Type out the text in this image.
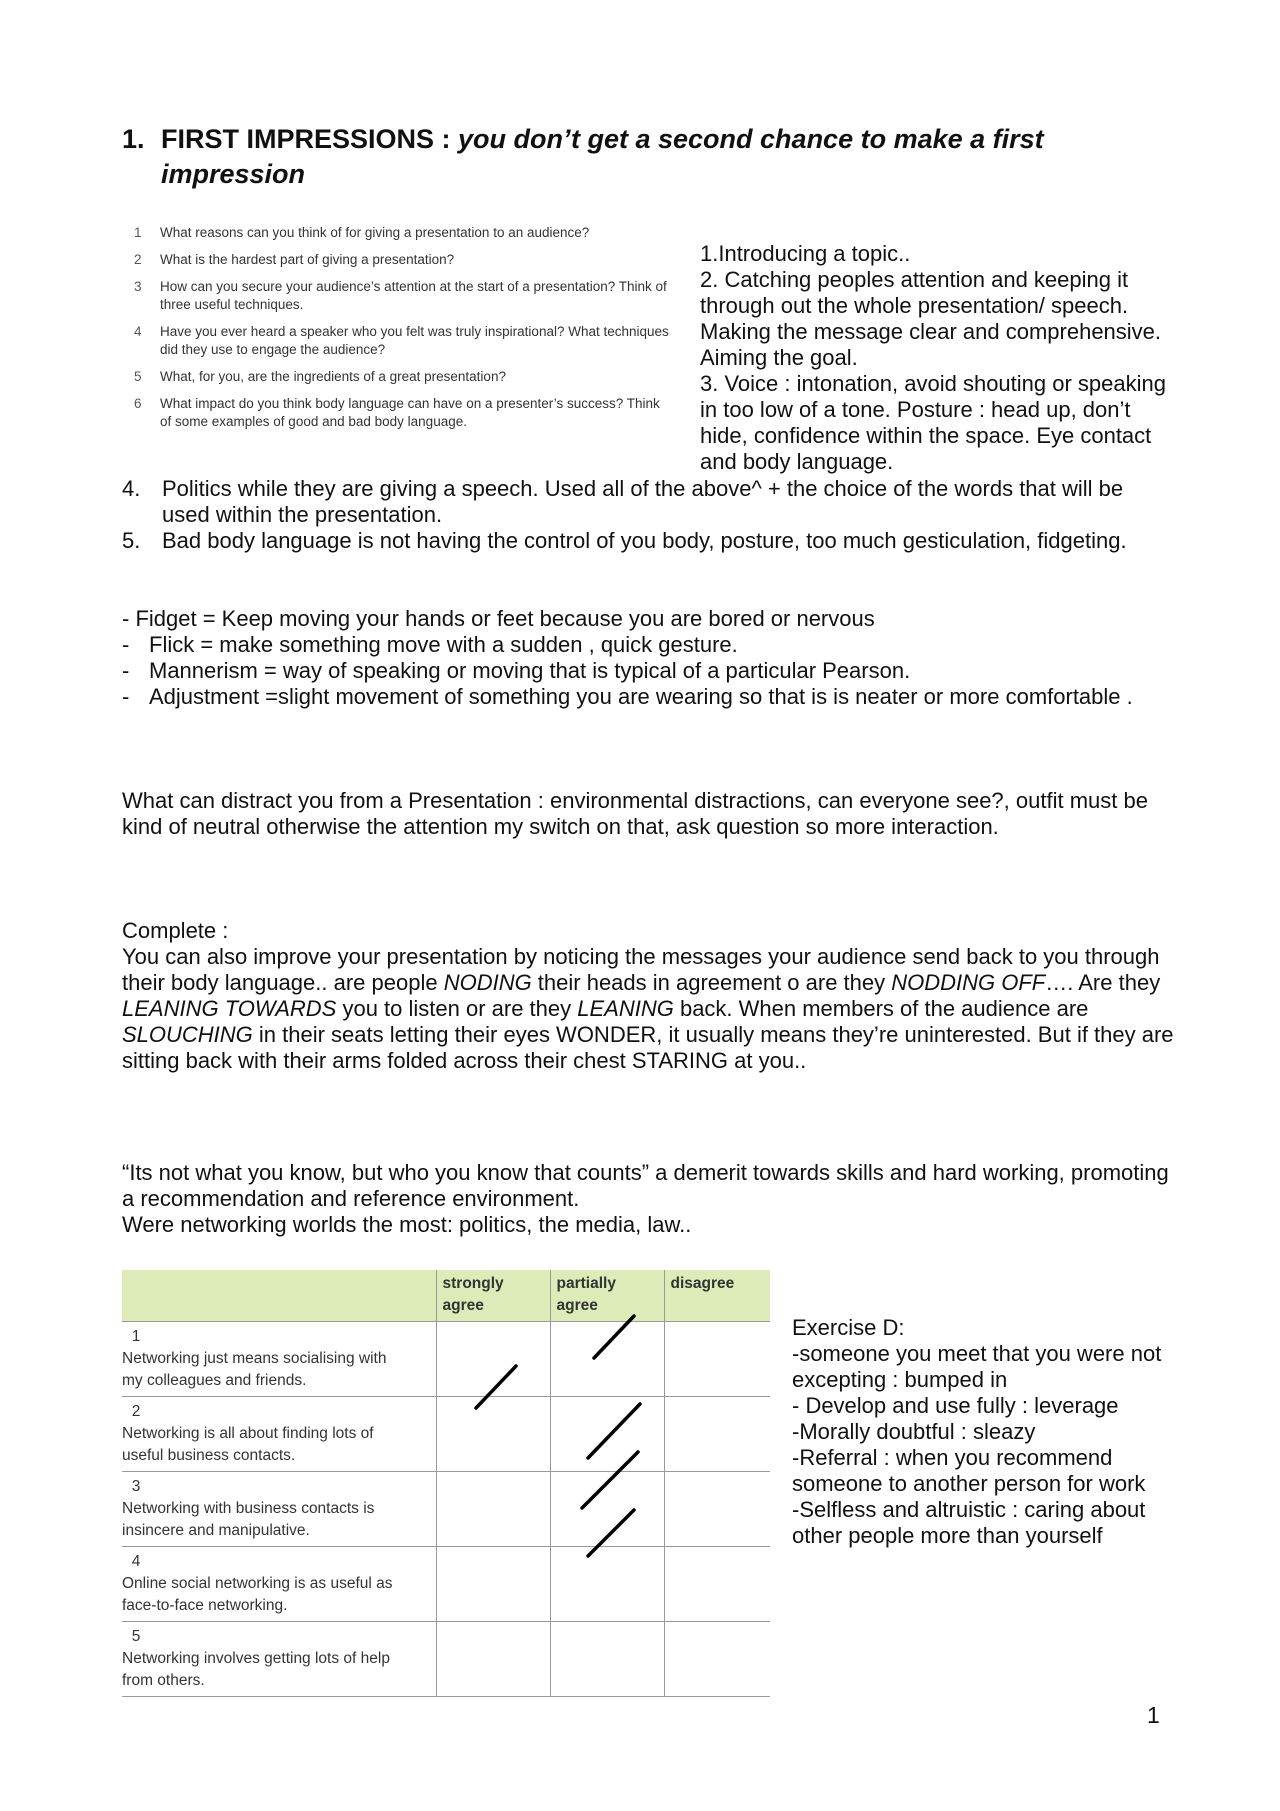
1. FIRST IMPRESSIONS : you don’t get a second chance to make a first impression
1 What reasons can you think of for giving a presentation to an audience?
2 What is the hardest part of giving a presentation?
3 How can you secure your audience’s attention at the start of a presentation? Think of three useful techniques.
4 Have you ever heard a speaker who you felt was truly inspirational? What techniques did they use to engage the audience?
5 What, for you, are the ingredients of a great presentation?
6 What impact do you think body language can have on a presenter’s success? Think of some examples of good and bad body language.

1.Introducing a topic..

2. Catching peoples attention and keeping it through out the whole presentation/ speech. Making the message clear and comprehensive. Aiming the goal.

3. Voice : intonation, avoid shouting or speaking in too low of a tone. Posture : head up, don’t hide, confidence within the space. Eye contact and body language.

4. Politics while they are giving a speech. Used all of the above^ + the choice of the words that will be used within the presentation.
5. Bad body language is not having the control of you body, posture, too much gesticulation, fidgeting.

- Fidget = Keep moving your hands or feet because you are bored or nervous

- Flick = make something move with a sudden , quick gesture.
- Mannerism = way of speaking or moving that is typical of a particular Pearson.
- Adjustment =slight movement of something you are wearing so that is is neater or more comfortable .

What can distract you from a Presentation : environmental distractions, can everyone see?, outfit must be kind of neutral otherwise the attention my switch on that, ask question so more interaction.

Complete :
You can also improve your presentation by noticing the messages your audience send back to you through their body language.. are people NODING their heads in agreement o are they NODDING OFF…. Are they LEANING TOWARDS you to listen or are they LEANING back. When members of the audience are SLOUCHING in their seats letting their eyes WONDER, it usually means they’re uninterested. But if they are sitting back with their arms folded across their chest STARING at you..
“Its not what you know, but who you know that counts” a demerit towards skills and hard working, promoting a recommendation and reference environment.
Were networking worlds the most: politics, the media, law..
	strongly agree	partially agree	disagree
1Networking just means socialising with my colleagues and friends.			
2Networking is all about finding lots of useful business contacts.			
3Networking with business contacts is insincere and manipulative.			
4Online social networking is as useful as face-to-face networking.			
5Networking involves getting lots of help from others.			

Exercise D:

-someone you meet that you were not excepting : bumped in

- Develop and use fully : leverage

-Morally doubtful : sleazy

-Referral : when you recommend someone to another person for work

-Selfless and altruistic : caring about other people more than yourself

1
